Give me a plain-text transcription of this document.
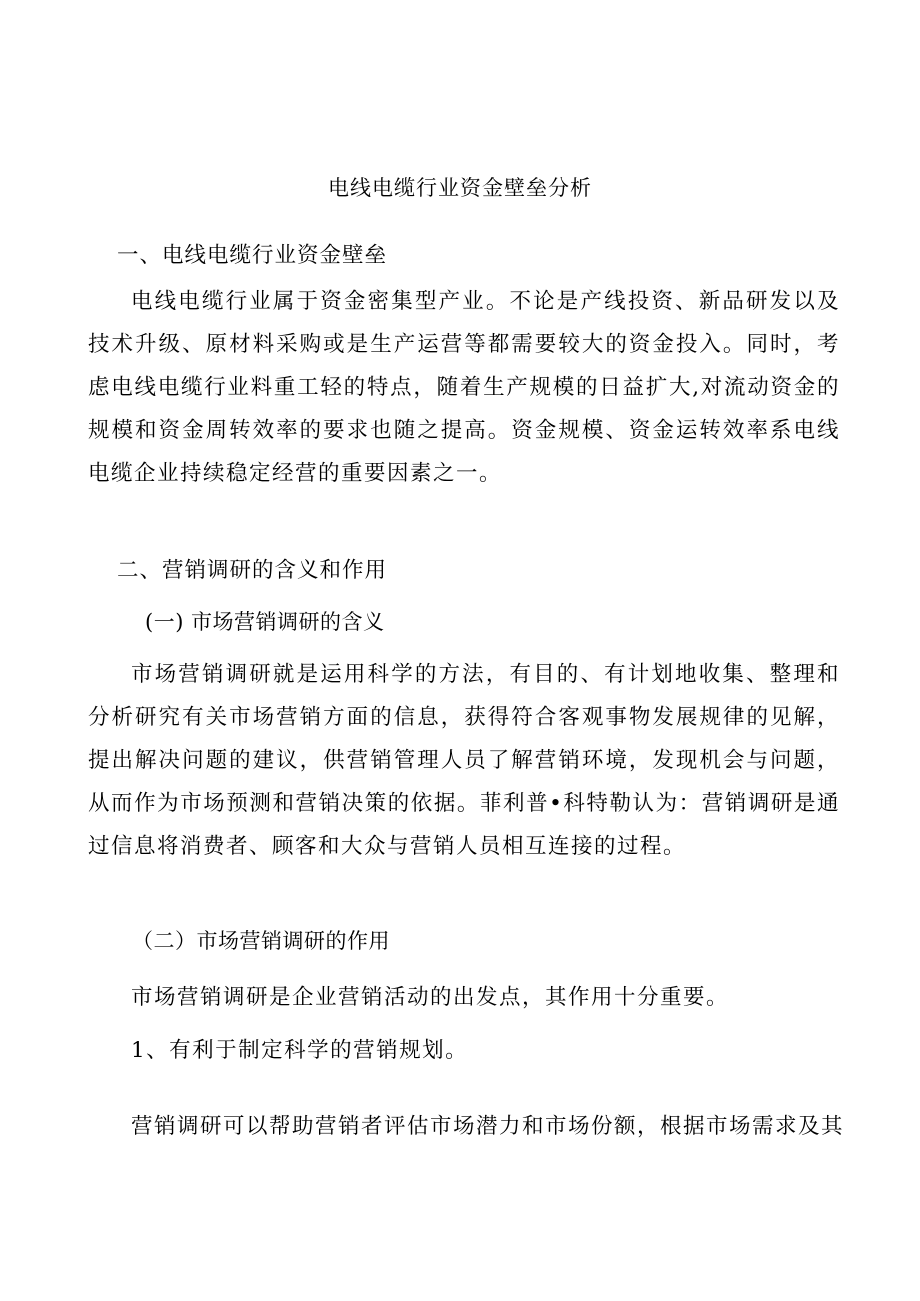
电线电缆行业资金壁垒分析
一、电线电缆行业资金壁垒
电线电缆行业属于资金密集型产业。不论是产线投资、新品研发以及技术升级、原材料采购或是生产运营等都需要较大的资金投入。同时，考虑电线电缆行业料重工轻的特点，随着生产规模的日益扩大,对流动资金的规模和资金周转效率的要求也随之提高。资金规模、资金运转效率系电线电缆企业持续稳定经营的重要因素之一。
二、营销调研的含义和作用
(一) 市场营销调研的含义
市场营销调研就是运用科学的方法，有目的、有计划地收集、整理和分析研究有关市场营销方面的信息，获得符合客观事物发展规律的见解，提出解决问题的建议，供营销管理人员了解营销环境，发现机会与问题，从而作为市场预测和营销决策的依据。菲利普•科特勒认为：营销调研是通过信息将消费者、顾客和大众与营销人员相互连接的过程。
（二）市场营销调研的作用
市场营销调研是企业营销活动的出发点，其作用十分重要。
1、有利于制定科学的营销规划。
营销调研可以帮助营销者评估市场潜力和市场份额，根据市场需求及其
